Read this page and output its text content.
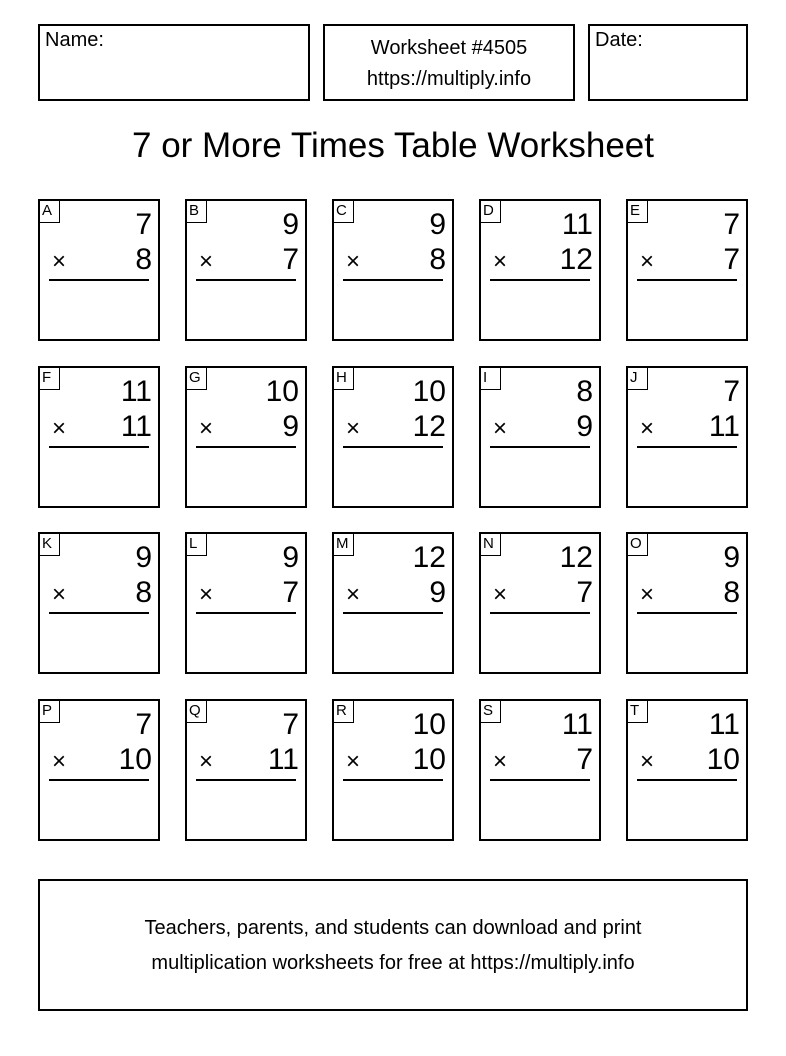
Name:	Worksheet #4505
https://multiply.info
Date:
7 or More Times Table Worksheet
A	7
× 8
B	9
× 7
C	9
× 8
D 11
× 12
E	7
× 7
F 11
× 11
G 10
× 9
H 10
× 12
I	8
× 9
J	7
× 11
K	9
× 8
L	9
× 7
M 12
× 9
N 12
× 7
O	9
× 8
P	7
× 10
Q	7
× 11
R 10
× 10
S 11
× 7
T 11
× 10
Teachers, parents, and students can download and print
multiplication worksheets for free at https://multiply.info
